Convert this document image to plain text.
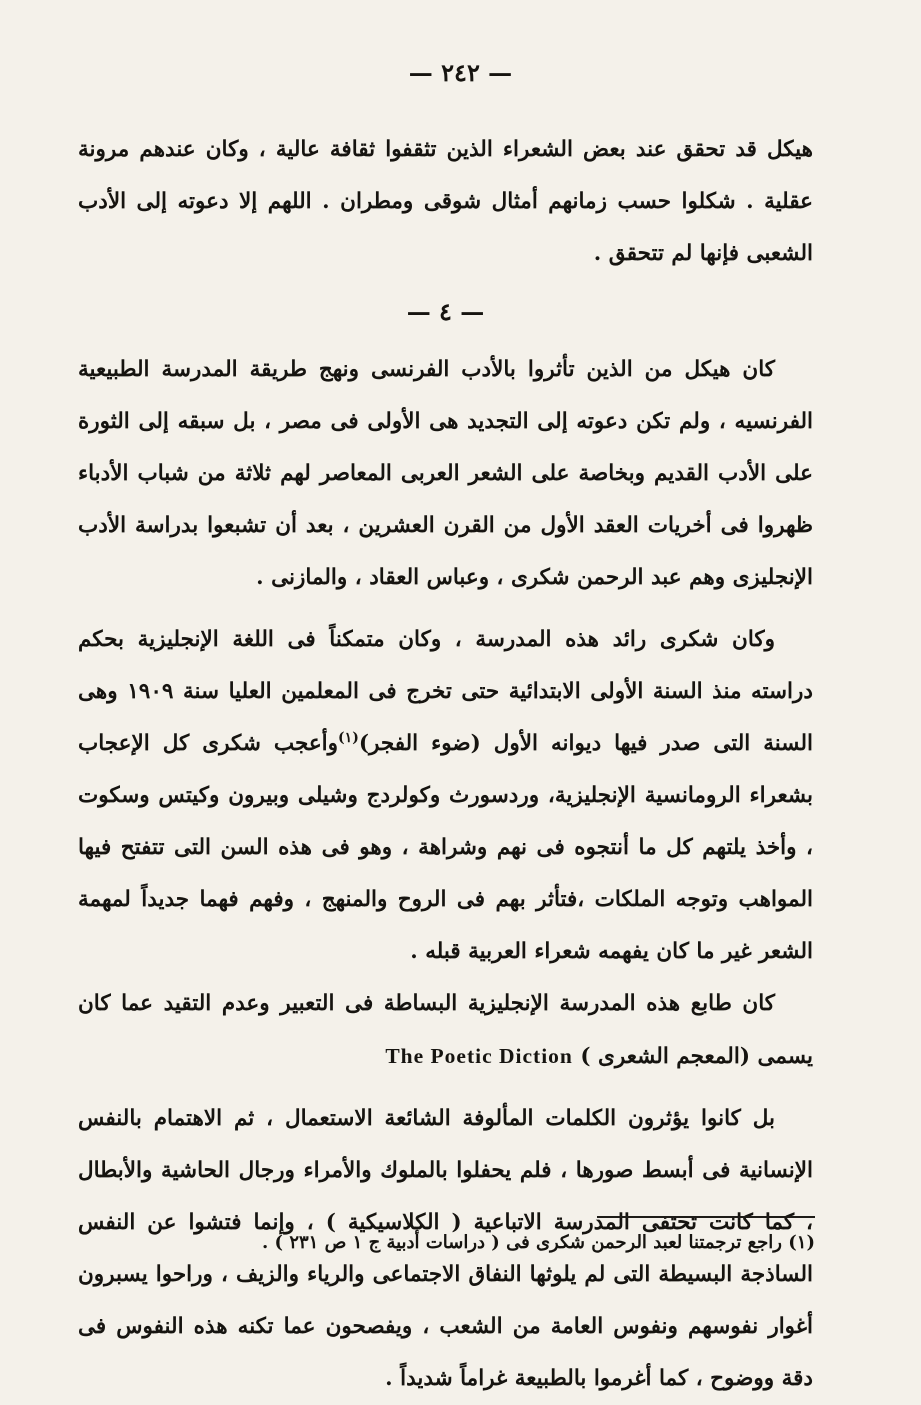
— ٢٤٢ —

هيكل قد تحقق عند بعض الشعراء الذين تثقفوا ثقافة عالية ، وكان عندهم مرونة عقلية . شكلوا حسب زمانهم أمثال شوقى ومطران . اللهم إلا دعوته إلى الأدب الشعبى فإنها لم تتحقق .

— ٤ —

كان هيكل من الذين تأثروا بالأدب الفرنسى ونهج طريقة المدرسة الطبيعية الفرنسيه ، ولم تكن دعوته إلى التجديد هى الأولى فى مصر ، بل سبقه إلى الثورة على الأدب القديم وبخاصة على الشعر العربى المعاصر لهم ثلاثة من شباب الأدباء ظهروا فى أخريات العقد الأول من القرن العشرين ، بعد أن تشبعوا بدراسة الأدب الإنجليزى وهم عبد الرحمن شكرى ، وعباس العقاد ، والمازنى .

وكان شكرى رائد هذه المدرسة ، وكان متمكناً فى اللغة الإنجليزية بحكم دراسته منذ السنة الأولى الابتدائية حتى تخرج فى المعلمين العليا سنة ١٩٠٩ وهى السنة التى صدر فيها ديوانه الأول (ضوء الفجر)$^{(١)}$وأعجب شكرى كل الإعجاب بشعراء الرومانسية الإنجليزية، وردسورث وكولردج وشيلى وبيرون وكيتس وسكوت ، وأخذ يلتهم كل ما أنتجوه فى نهم وشراهة ، وهو فى هذه السن التى تتفتح فيها المواهب وتوجه الملكات ،فتأثر بهم فى الروح والمنهج ، وفهم فهما جديداً لمهمة الشعر غير ما كان يفهمه شعراء العربية قبله .

كان طابع هذه المدرسة الإنجليزية البساطة فى التعبير وعدم التقيد عما كان يسمى (المعجم الشعرى ) The Poetic Diction

بل كانوا يؤثرون الكلمات المألوفة الشائعة الاستعمال ، ثم الاهتمام بالنفس الإنسانية فى أبسط صورها ، فلم يحفلوا بالملوك والأمراء ورجال الحاشية والأبطال ، كما كانت تحتفى المدرسة الاتباعية ( الكلاسيكية ) ، وإنما فتشوا عن النفس الساذجة البسيطة التى لم يلوثها النفاق الاجتماعى والرياء والزيف ، وراحوا يسبرون أغوار نفوسهم ونفوس العامة من الشعب ، ويفصحون عما تكنه هذه النفوس فى دقة ووضوح ، كما أغرموا بالطبيعة غراماً شديداً .

(١) راجع ترجمتنا لعبد الرحمن شكرى فى ( دراسات أدبية ج ١ ص ٢٣١ ) .
